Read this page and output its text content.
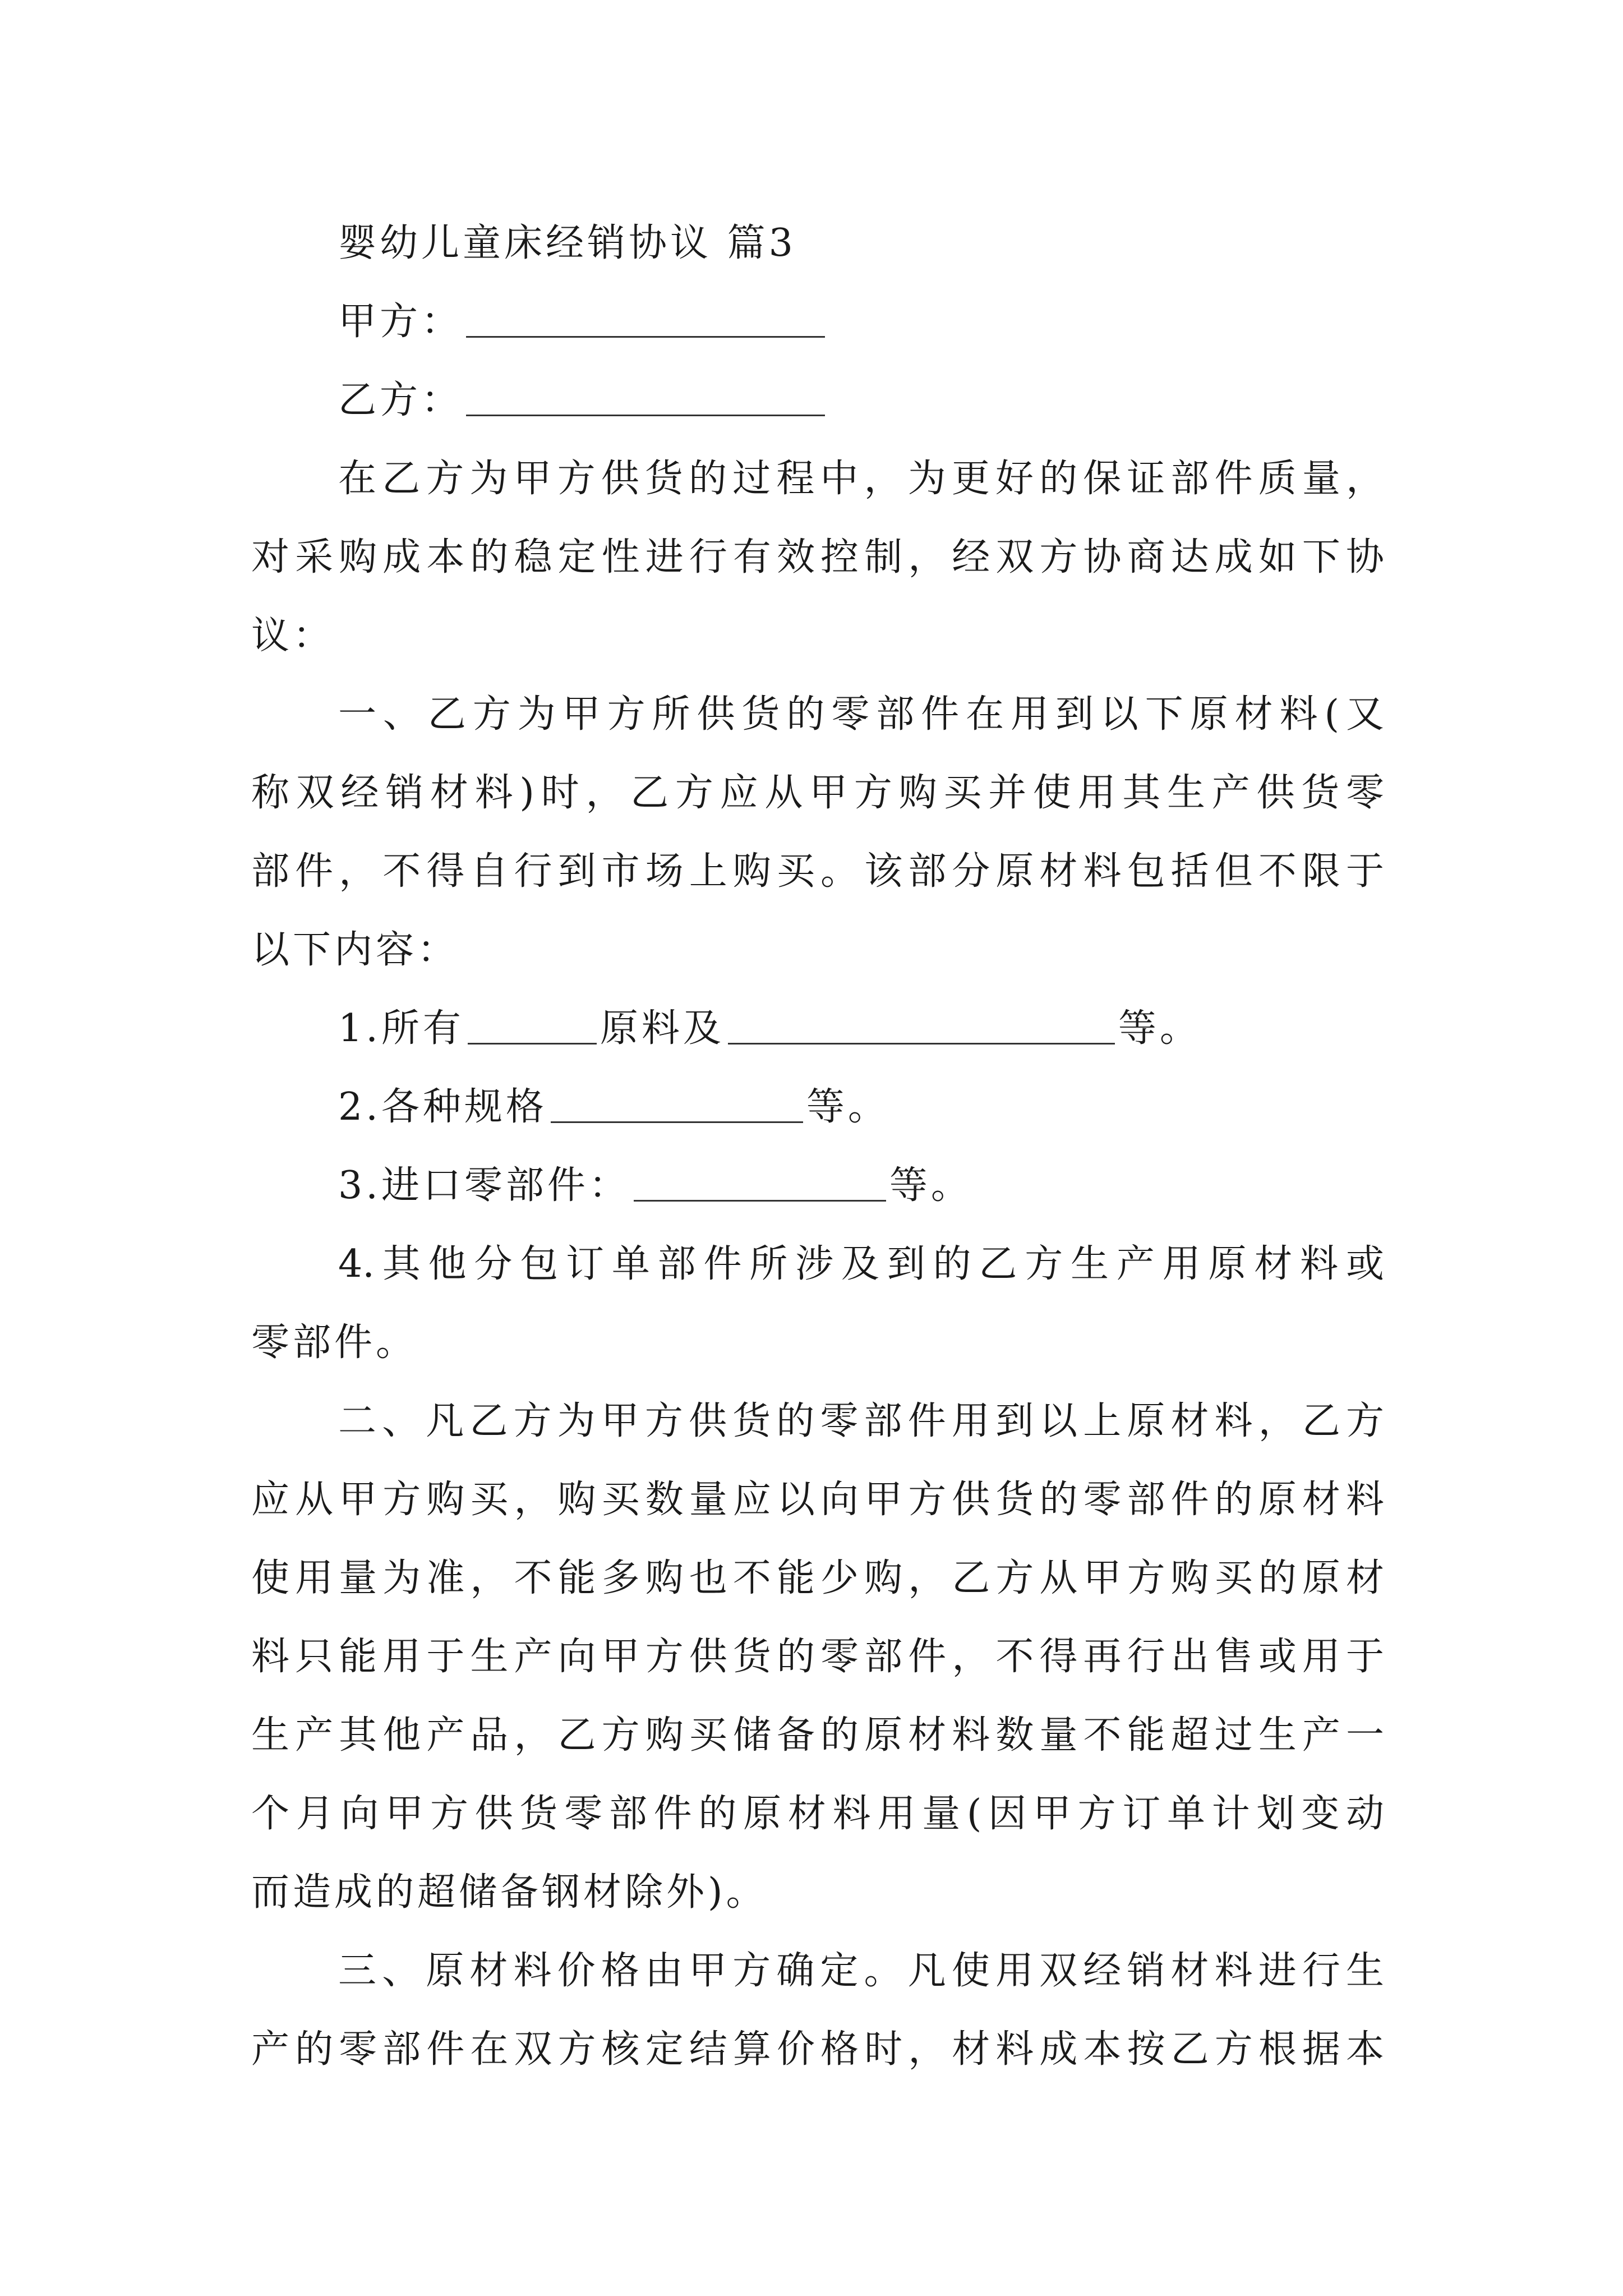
婴幼儿童床经销协议 篇3
甲方：
乙方：
在乙方为甲方供货的过程中，为更好的保证部件质量，
对采购成本的稳定性进行有效控制，经双方协商达成如下协
议：
一、乙方为甲方所供货的零部件在用到以下原材料(又
称双经销材料)时，乙方应从甲方购买并使用其生产供货零
部件，不得自行到市场上购买。该部分原材料包括但不限于
以下内容：
1.所有	原料及	等。
2.各种规格	等。
3.进口零部件：	等。
4.其他分包订单部件所涉及到的乙方生产用原材料或
零部件。
二、凡乙方为甲方供货的零部件用到以上原材料，乙方
应从甲方购买，购买数量应以向甲方供货的零部件的原材料
使用量为准，不能多购也不能少购，乙方从甲方购买的原材
料只能用于生产向甲方供货的零部件，不得再行出售或用于
生产其他产品，乙方购买储备的原材料数量不能超过生产一
个月向甲方供货零部件的原材料用量(因甲方订单计划变动
而造成的超储备钢材除外)。
三、原材料价格由甲方确定。凡使用双经销材料进行生
产的零部件在双方核定结算价格时，材料成本按乙方根据本
